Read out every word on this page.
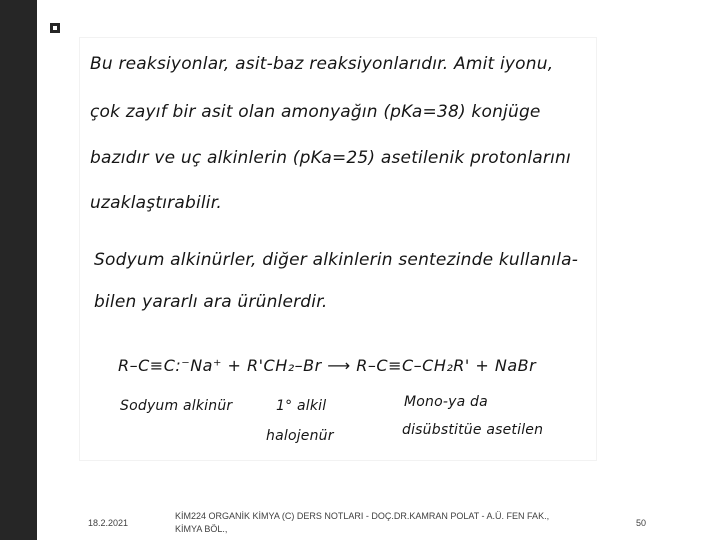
Bu reaksiyonlar, asit-baz reaksiyonlarıdır. Amit iyonu,
çok zayıf bir asit olan amonyağın (pKa=38) konjüge
bazıdır ve uç alkinlerin (pKa=25) asetilenik protonlarını
uzaklaştırabilir.
Sodyum alkinürler, diğer alkinlerin sentezinde kullanıla-
bilen yararlı ara ürünlerdir.
R–C≡C:⁻Na⁺ + R'CH₂–Br ⟶ R–C≡C–CH₂R' + NaBr
Sodyum alkinür	1° alkil
halojenür
Mono-ya da
disübstitüe asetilen
18.2.2021
KİM224 ORGANİK KİMYA (C) DERS NOTLARI - DOÇ.DR.KAMRAN POLAT - A.Ü. FEN FAK., KİMYA BÖL.,
50
